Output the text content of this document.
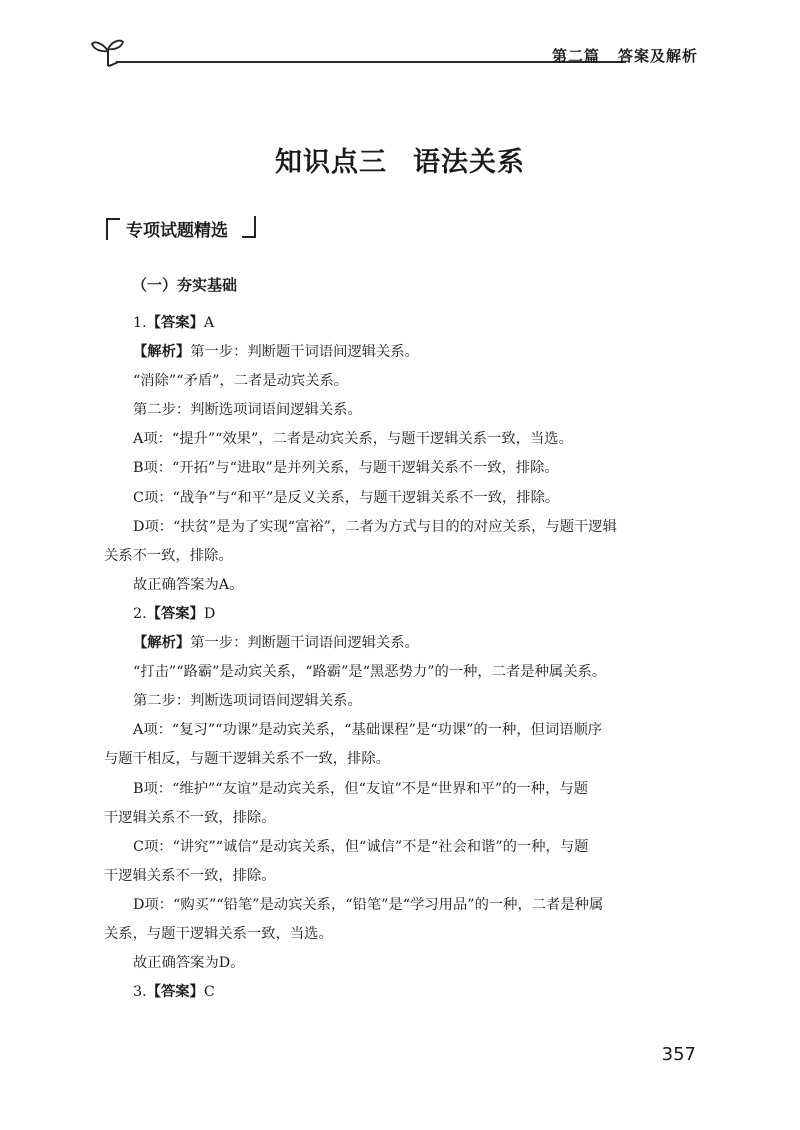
第二篇 答案及解析
知识点三 语法关系
专项试题精选
（一）夯实基础
1.【答案】A
【解析】第一步：判断题干词语间逻辑关系。
“消除”“矛盾”，二者是动宾关系。
第二步：判断选项词语间逻辑关系。
A项：“提升”“效果”，二者是动宾关系，与题干逻辑关系一致，当选。
B项：“开拓”与“进取”是并列关系，与题干逻辑关系不一致，排除。
C项：“战争”与“和平”是反义关系，与题干逻辑关系不一致，排除。
D项：“扶贫”是为了实现“富裕”，二者为方式与目的的对应关系，与题干逻辑
关系不一致，排除。
故正确答案为A。
2.【答案】D
【解析】第一步：判断题干词语间逻辑关系。
“打击”“路霸”是动宾关系，“路霸”是“黑恶势力”的一种，二者是种属关系。
第二步：判断选项词语间逻辑关系。
A项：“复习”“功课”是动宾关系，“基础课程”是“功课”的一种，但词语顺序
与题干相反，与题干逻辑关系不一致，排除。
B项：“维护”“友谊”是动宾关系，但“友谊”不是“世界和平”的一种，与题
干逻辑关系不一致，排除。
C项：“讲究”“诚信”是动宾关系，但“诚信”不是“社会和谐”的一种，与题
干逻辑关系不一致，排除。
D项：“购买”“铅笔”是动宾关系，“铅笔”是“学习用品”的一种，二者是种属
关系，与题干逻辑关系一致，当选。
故正确答案为D。
3.【答案】C
357
